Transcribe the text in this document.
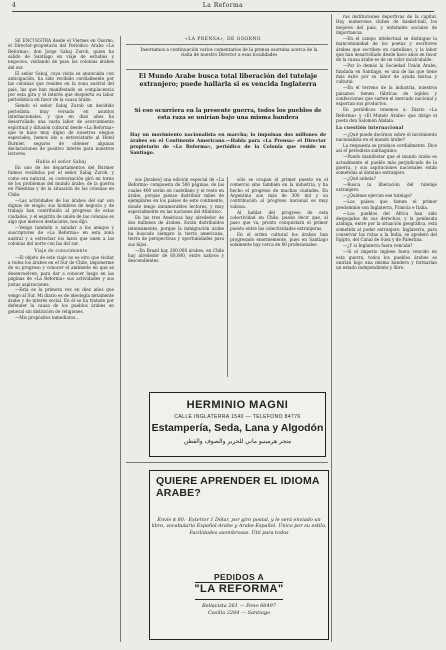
4	La Reforma

SE ENCUESTRA desde el Viernes en Osorno, el Director-propietario del Periódico Arabe «La Reforma», don Jorge Sabaj Zurob, quien ha salido de Santiago en viaje de estudios y negocios, visitando de paso las colonias árabes del sur.

El señor Sabaj, cuya visita se anunciaba con anticipación, ha sido recibido cordialmente por las colonias que residen en la zona austral del país, las que han manifestado su complacencia por esta gira y el interés que despierta su labor periodística en favor de la causa árabe.

Siendo el señor Sabaj Zurob un decidido periodista, muy versado en asuntos internacionales, y que en diez años ha desarrollado una vasta labor de acercamiento espiritual y difusión cultural desde «La Reforma» que le hace muy digno de nuestros elogios especiales, hemos ido a entrevistarle al Hotel Burnier, seguros de obtener algunas declaraciones de positivo interés para nuestros lectores.

Habla el señor Sabaj

En uno de los departamentos del Burnier fuimos recibidos por el señor Sabaj Zurob, y como era natural, su conversación giró en torno de los problemas del mundo árabe, de la guerra en Palestina y de la situación de las colonias en Chile.

—Las actividades de los árabes del sur son dignas de elogio; sus hombres de negocio y de trabajo han contribuido al progreso de estas ciudades, y el espíritu de unión de las colonias es algo que merece destacarse, nos dijo.

—Vengo también a saludar a los amigos y suscriptores de «La Reforma» en esta zona austral y a estrechar los lazos que unen a las colonias del norte con las del sur.

Viaje de conocimiento

—El objeto de este viaje no es otro que visitar a todos los árabes en el Sur de Chile, imponerme de su progreso y conocer el ambiente en que se desenvuelven, para dar a conocer luego en las páginas de «La Reforma» sus actividades y sus justas aspiraciones.

—Esta es la primera vez en diez años que vengo al Sur. Mi diario es de ideología netamente árabe y de interés social. En él se ha tratado por defender la causa de los pueblos árabes en general sin distinción de religiones.

—Mis propósitos inmediatos...

«LA PRENSA», DE OSORNO
Insertamos a continuación varios comentarios de la prensa osornina acerca de la visita de nuestro Director a esas localidades
El Mundo Arabe busca total liberación del tutelaje extranjero; puede hallarla si es vencida Inglaterra
Si eso ocurriera en la presente guerra, todos los pueblos de esta raza se unirían bajo una misma bandera
Hay un movimiento nacionalista en marcha; lo impulsan dos millones de árabes en el Continente Americano.—Habla para «La Prensa» el Director propietario de «La Reforma», periódico de la Colonia que reside en Santiago.

sos [Arabes] una edición especial de «La Reforma» compuesta de 500 páginas, de las cuales 400 serán en castellano y el resto en árabe, porque pienso distribuir miles de ejemplares en los países de este continente, donde tengo innumerables lectores, y muy especialmente en las naciones del Atlántico.

En las tres Américas hay alrededor de dos millones de árabes. Están distribuidos intensamente, porque la inmigración árabe ha buscado siempre la tierra americana, tierra de perspectivas y oportunidades para sus hijos.

—En Brasil hay 200.000 árabes; en Chile hay alrededor de 60.000, entre nativos y descendientes.

sólo se ocupan el primer puesto en el comercio sino también en la industria, y ha hecho el progreso de muchas ciudades. En Argentina son más de 300 mil y su contribución al progreso nacional es muy valiosa.

Al hablar del progreso de esta colectividad en Chile, puedo decir que, al paso que va, pronto conquistará el primer puesto entre las colectividades extranjeras.

En el orden cultural los árabes han progresado enormemente, pues en Santiago solamente hay cerca de 80 profesionales.

HERMINIO MAGNI
CALLE INGLATERRA 1540 — TELEFONO 84776
Estampería, Seda, Lana y Algodón
متجر هرمينيو ماني للحرير والصوف والقطن
QUIERE APRENDER EL IDIOMA ARABE?
Envíe $ 80.- Exterior 1 Dólar, por giro postal, y le será enviado un libro, vocabulario Español-Arabe y Arabe-Español. Único por su estilo. Facilidades asombrosas. Útil para todos
PEDIDOS A
"LA REFORMA"
Bellavista 261 — Fono 66497
Casilla 2284 — Santiago

ras instituciones deportivas de la capital. Hay numerosos clubes de basket-ball, los mejores del país, y entidades sociales de importancia.

—En el campo intelectual se distingue la mancomunidad de los poetas y escritores árabes que escriben en castellano, y la labor que han desarrollado desde hace años en favor de la causa árabe es de un valor incalculable.

—Por lo demás la Sociedad Unión Árabe, fundada en Santiago, es una de las que tiene más éxito por su labor de ayuda mutua y cultural.

—En el terreno de la industria, nuestros paisanos tienen fábricas de tejidos y confecciones que surten el mercado nacional y exportan sus productos.

En periódicos tenemos a: Diario «La Reforma» y «El Mundo Árabe» que dirige el poeta don Salomón Abdala.

La cuestión internacional

—¿Qué puede decirnos sobre el movimiento nacionalista en el mundo árabe?

La respuesta se produce cordialmente. Dice así el periodista santiaguino:

—Puedo manifestar que el mundo árabe es actualmente el pueblo más perjudicado de la guerra, y sus aspiraciones nacionales están sometidas al dominio extranjero.

—¿Qué anhela?

—Busca la liberación del tutelaje extranjero.

—¿Quiénes ejercen ese tutelaje?

—Los países que tienen el primer predominio son Inglaterra, Francia e Italia.

—Los pueblos del África han sido despojados de sus derechos, y la península arábiga, entre por la situación geográfica, está sometida al poder extranjero. Inglaterra, para conservar las rutas a la India, se apoderó del Egipto, del Canal de Suez y de Palestina.

—¿Y si Inglaterra fuera vencida?

—Si el imperio inglese fuera vencido en esta guerra, todos los pueblos árabes se unirían bajo una misma bandera y formarían un estado independiente y libre.
